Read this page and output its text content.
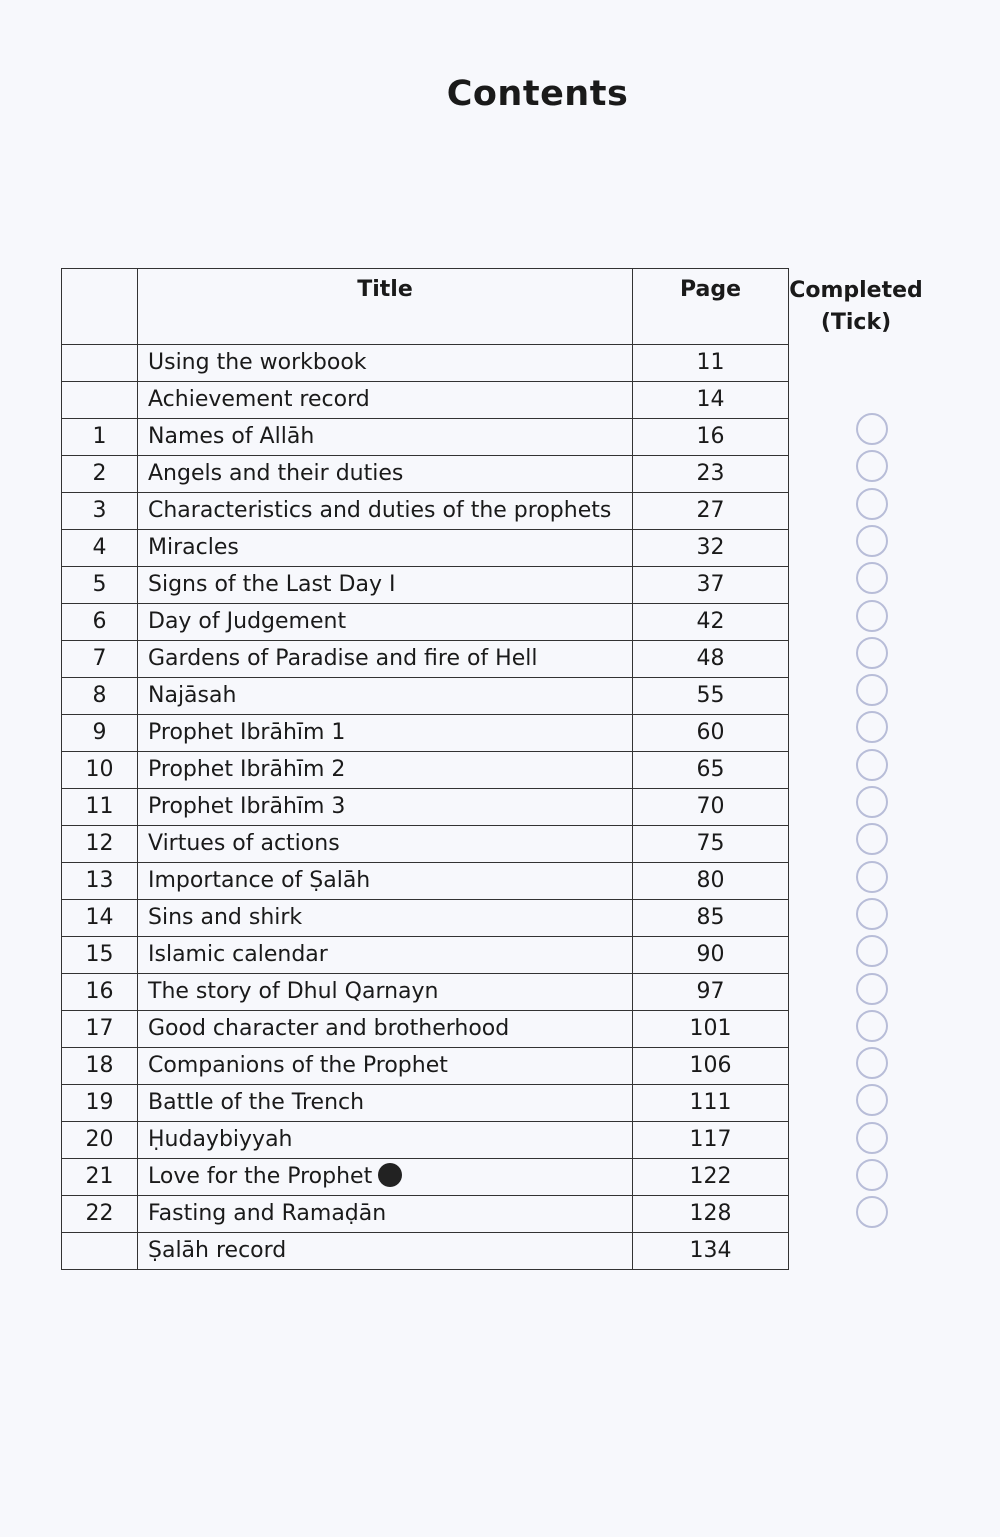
Contents
	Title	Page
	Using the workbook	11
	Achievement record	14
1	Names of Allāh	16
2	Angels and their duties	23
3	Characteristics and duties of the prophets	27
4	Miracles	32
5	Signs of the Last Day I	37
6	Day of Judgement	42
7	Gardens of Paradise and fire of Hell	48
8	Najāsah	55
9	Prophet Ibrāhīm 1	60
10	Prophet Ibrāhīm 2	65
11	Prophet Ibrāhīm 3	70
12	Virtues of actions	75
13	Importance of Ṣalāh	80
14	Sins and shirk	85
15	Islamic calendar	90
16	The story of Dhul Qarnayn	97
17	Good character and brotherhood	101
18	Companions of the Prophet	106
19	Battle of the Trench	111
20	Ḥudaybiyyah	117
21	Love for the Prophet	122
22	Fasting and Ramaḍān	128
	Ṣalāh record	134
Completed (Tick)
